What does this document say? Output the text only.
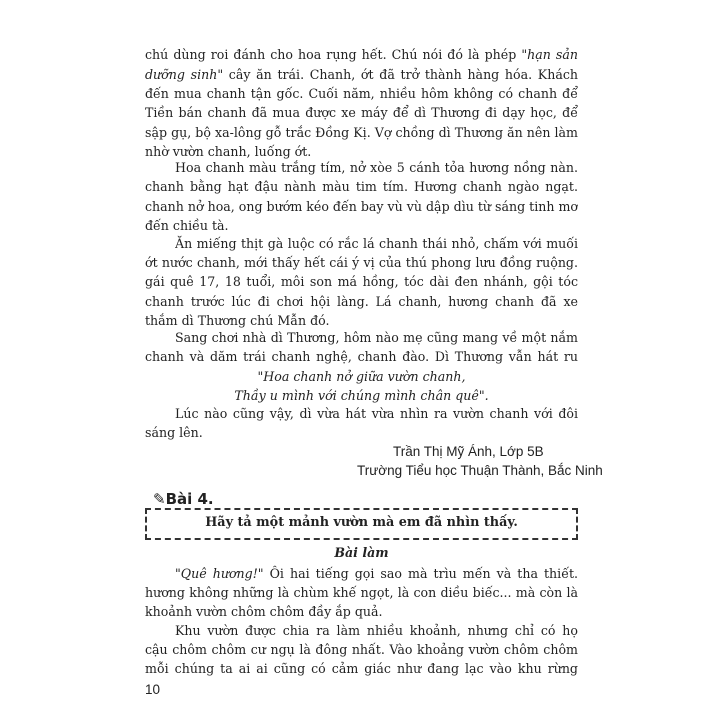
chú dùng roi đánh cho hoa rụng hết. Chú nói đó là phép "hạn sản
dưỡng sinh" cây ăn trái. Chanh, ớt đã trở thành hàng hóa. Khách
đến mua chanh tận gốc. Cuối năm, nhiều hôm không có chanh để
Tiền bán chanh đã mua được xe máy để dì Thương đi dạy học, để
sập gụ, bộ xa-lông gỗ trắc Đồng Kị. Vợ chồng dì Thương ăn nên làm
nhờ vườn chanh, luống ớt.
Hoa chanh màu trắng tím, nở xòe 5 cánh tỏa hương nồng nàn.
chanh bằng hạt đậu nành màu tim tím. Hương chanh ngào ngạt.
chanh nở hoa, ong bướm kéo đến bay vù vù dập dìu từ sáng tinh mơ
đến chiều tà.
Ăn miếng thịt gà luộc có rắc lá chanh thái nhỏ, chấm với muối
ớt nước chanh, mới thấy hết cái ý vị của thú phong lưu đồng ruộng.
gái quê 17, 18 tuổi, môi son má hồng, tóc dài đen nhánh, gội tóc
chanh trước lúc đi chơi hội làng. Lá chanh, hương chanh đã xe
thắm dì Thương chú Mẫn đó.
Sang chơi nhà dì Thương, hôm nào mẹ cũng mang về một nắm
chanh và dăm trái chanh nghệ, chanh đào. Dì Thương vẫn hát ru
"Hoa chanh nở giữa vườn chanh,
Thầy u mình với chúng mình chân quê".
Lúc nào cũng vậy, dì vừa hát vừa nhìn ra vườn chanh với đôi
sáng lên.
Trần Thị Mỹ Ánh, Lớp 5B
Trường Tiểu học Thuận Thành, Bắc Ninh
Hãy tả một mảnh vườn mà em đã nhìn thấy.
✎Bài 4.
Bài làm
"Quê hương!" Ôi hai tiếng gọi sao mà trìu mến và tha thiết.
hương không những là chùm khế ngọt, là con diều biếc... mà còn là
khoảnh vườn chôm chôm đầy ắp quả.
Khu vườn được chia ra làm nhiều khoảnh, nhưng chỉ có họ
cậu chôm chôm cư ngụ là đông nhất. Vào khoảng vườn chôm chôm
mỗi chúng ta ai ai cũng có cảm giác như đang lạc vào khu rừng
10
